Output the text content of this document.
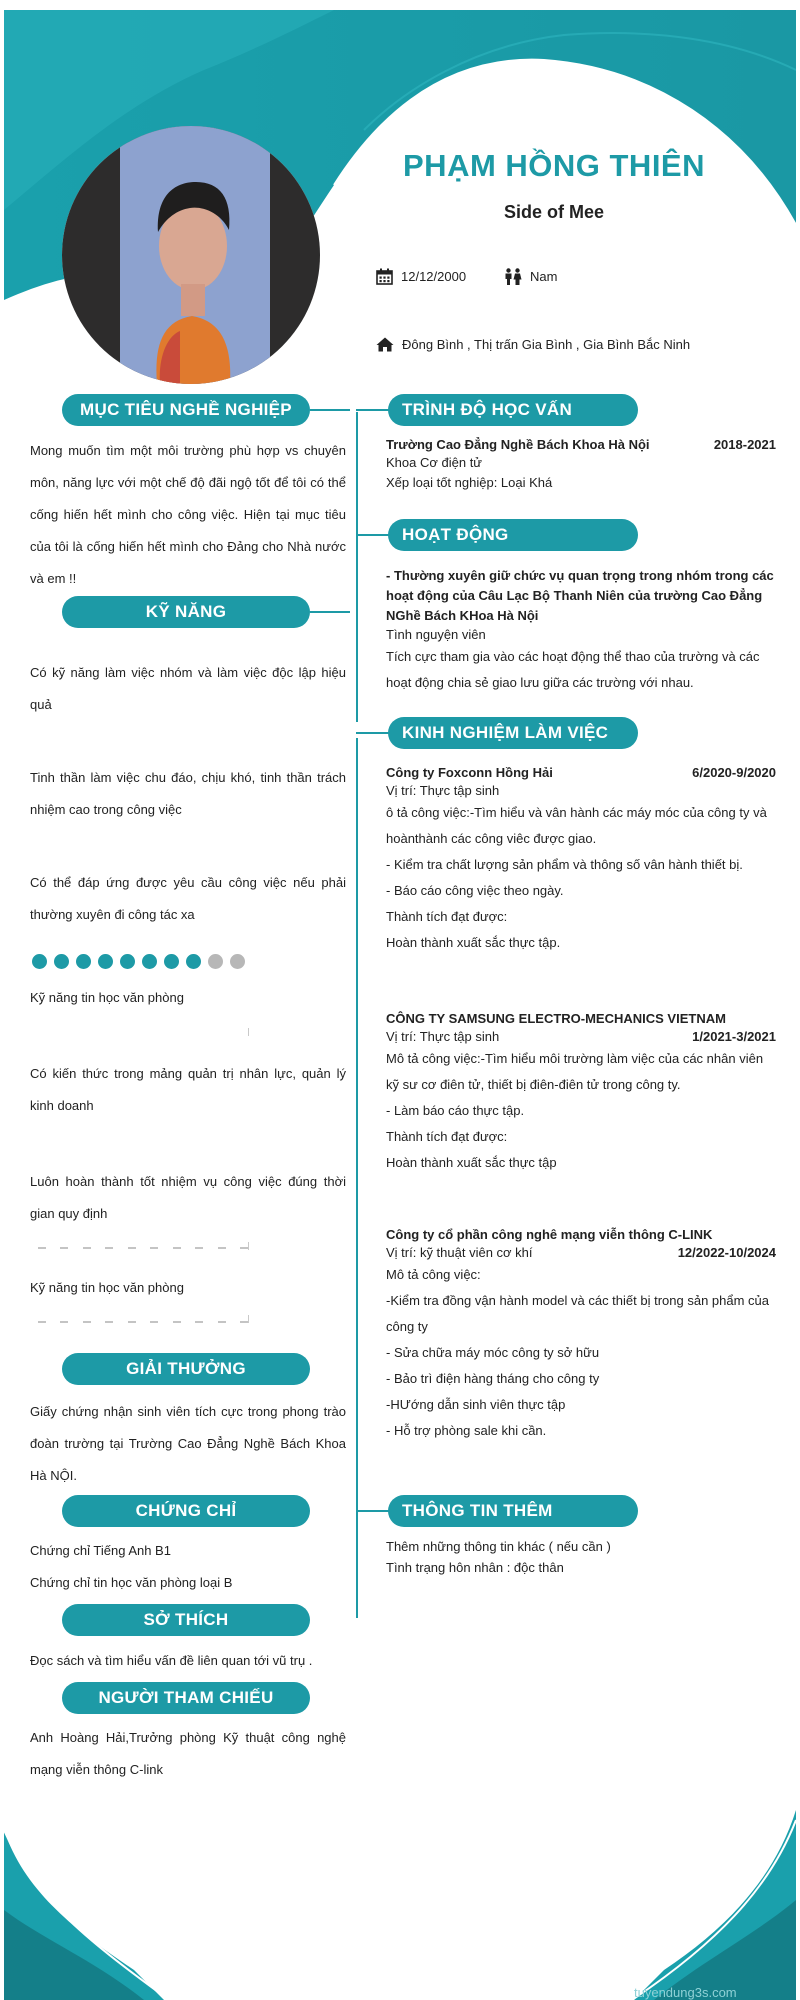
PHẠM HỒNG THIÊN
Side of Mee
12/12/2000	Nam
Đông Bình , Thị trấn Gia Bình , Gia Bình Bắc Ninh
MỤC TIÊU NGHỀ NGHIỆP
Mong muốn tìm một môi trường phù hợp vs chuyên môn, năng lực với một chế độ đãi ngộ tốt để tôi có thể cống hiến hết mình cho công việc. Hiện tại mục tiêu của tôi là cống hiến hết mình cho Đảng cho Nhà nước và em !!
KỸ NĂNG
Có kỹ năng làm việc nhóm và làm việc độc lập hiệu quả
Tinh thần làm việc chu đáo, chịu khó, tinh thần trách nhiệm cao trong công việc
Có thể đáp ứng được yêu cầu công việc nếu phải thường xuyên đi công tác xa
Kỹ năng tin học văn phòng
Có kiến thức trong mảng quản trị nhân lực, quản lý kinh doanh
Luôn hoàn thành tốt nhiệm vụ công việc đúng thời gian quy định
Kỹ năng tin học văn phòng
GIẢI THƯỞNG
Giấy chứng nhận sinh viên tích cực trong phong trào đoàn trường tại Trường Cao Đẳng Nghề Bách Khoa Hà NỘI.
CHỨNG CHỈ
Chứng chỉ Tiếng Anh B1
Chứng chỉ tin học văn phòng loại B
SỞ THÍCH
Đọc sách và tìm hiểu vấn đề liên quan tới vũ trụ .
NGƯỜI THAM CHIẾU
Anh Hoàng Hải,Trưởng phòng Kỹ thuật công nghệ mạng viễn thông C-link
TRÌNH ĐỘ HỌC VẤN
Trường Cao Đẳng Nghề Bách Khoa Hà Nội	2018-2021
Khoa Cơ điện tử
Xếp loại tốt nghiệp: Loại Khá
HOẠT ĐỘNG
- Thường xuyên giữ chức vụ quan trọng trong nhóm trong các hoạt động của Câu Lạc Bộ Thanh Niên của trường Cao Đẳng NGhề Bách KHoa Hà Nội
Tình nguyện viên
Tích cực tham gia vào các hoạt động thể thao của trường và các hoạt động chia sẻ giao lưu giữa các trường với nhau.
KINH NGHIỆM LÀM VIỆC
Công ty Foxconn Hồng Hải	6/2020-9/2020
Vị trí: Thực tập sinh
ô tả công việc:-Tìm hiểu và vân hành các máy móc của công ty và hoànthành các công viêc được giao.
- Kiểm tra chất lượng sản phẩm và thông số vân hành thiết bị.
- Báo cáo công việc theo ngày.
Thành tích đạt được:
Hoàn thành xuất sắc thực tập.
CÔNG TY SAMSUNG ELECTRO-MECHANICS VIETNAM
Vị trí: Thực tập sinh	1/2021-3/2021
Mô tả công việc:-Tìm hiểu môi trường làm việc của các nhân viên kỹ sư cơ điên tử, thiết bị điên-điên tử trong công ty.
- Làm báo cáo thực tập.
Thành tích đạt được:
Hoàn thành xuất sắc thực tập
Công ty cổ phần công nghê mạng viễn thông C-LINK
Vị trí: kỹ thuật viên cơ khí	12/2022-10/2024
Mô tả công việc:
-Kiểm tra đồng vận hành model và các thiết bị trong sản phẩm của công ty
- Sửa chữa máy móc công ty sở hữu
- Bảo trì điện hàng tháng cho công ty
-HƯớng dẫn sinh viên thực tập
- Hỗ trợ phòng sale khi cần.
THÔNG TIN THÊM
Thêm những thông tin khác ( nếu cần )
Tình trạng hôn nhân : độc thân
tuyendung3s.com
